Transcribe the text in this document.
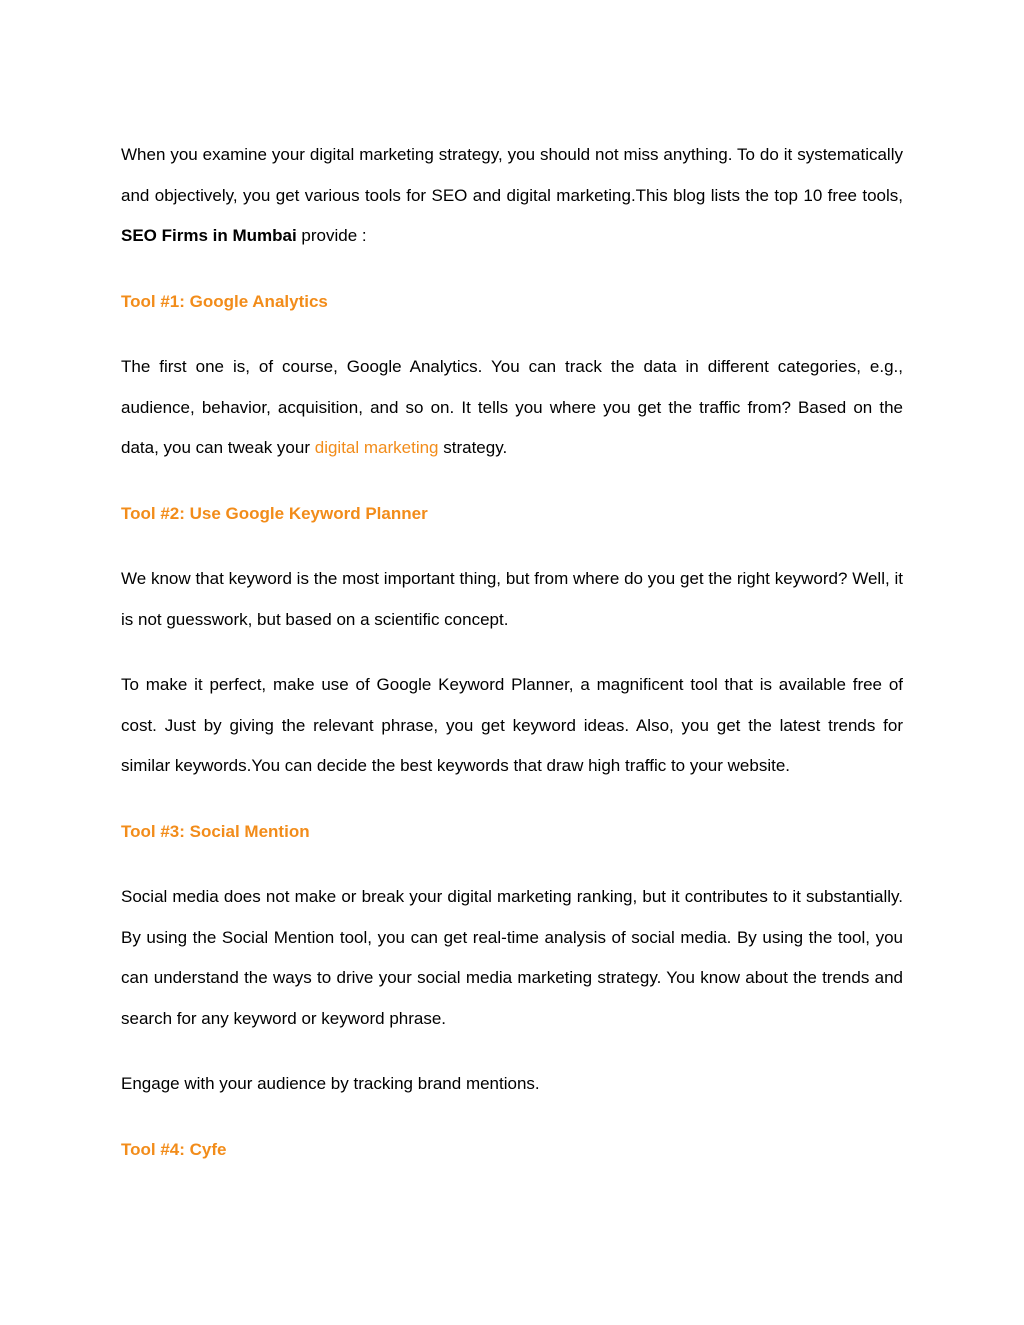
When you examine your digital marketing strategy, you should not miss anything. To do it systematically and objectively, you get various tools for SEO and digital marketing.This blog lists the top 10 free tools, SEO Firms in Mumbai provide :

Tool #1: Google Analytics

The first one is, of course, Google Analytics. You can track the data in different categories, e.g., audience, behavior, acquisition, and so on. It tells you where you get the traffic from? Based on the data, you can tweak your digital marketing strategy.

Tool #2: Use Google Keyword Planner

We know that keyword is the most important thing, but from where do you get the right keyword? Well, it is not guesswork, but based on a scientific concept.

To make it perfect, make use of Google Keyword Planner, a magnificent tool that is available free of cost. Just by giving the relevant phrase, you get keyword ideas. Also, you get the latest trends for similar keywords.You can decide the best keywords that draw high traffic to your website.

Tool #3: Social Mention

Social media does not make or break your digital marketing ranking, but it contributes to it substantially. By using the Social Mention tool, you can get real-time analysis of social media. By using the tool, you can understand the ways to drive your social media marketing strategy. You know about the trends and search for any keyword or keyword phrase.

Engage with your audience by tracking brand mentions.

Tool #4: Cyfe
